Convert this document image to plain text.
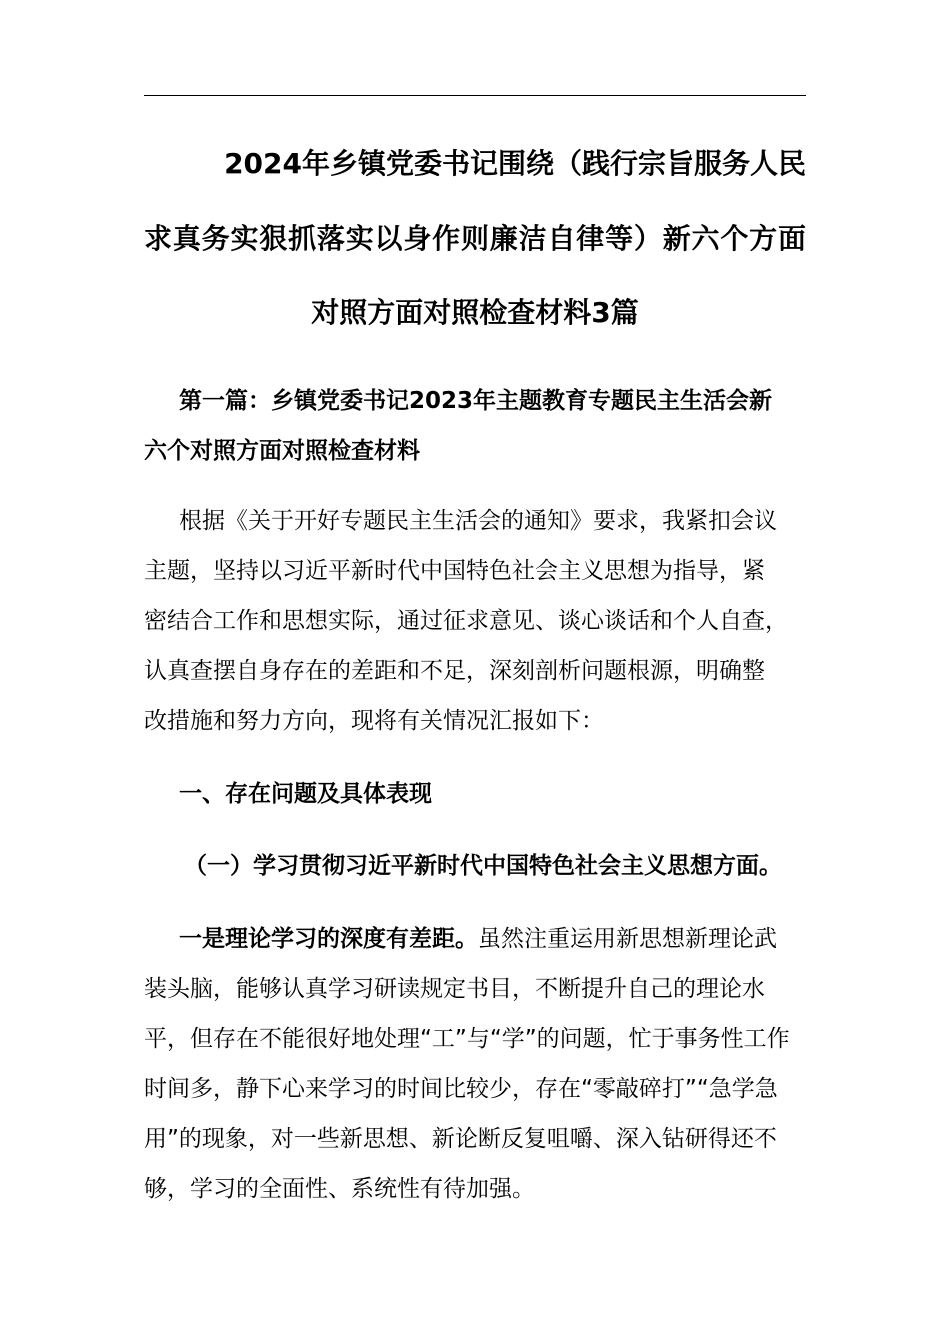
2024年乡镇党委书记围绕（践行宗旨服务人民
求真务实狠抓落实以身作则廉洁自律等）新六个方面
对照方面对照检查材料3篇

第一篇：乡镇党委书记2023年主题教育专题民主生活会新

六个对照方面对照检查材料

根据《关于开好专题民主生活会的通知》要求，我紧扣会议

主题，坚持以习近平新时代中国特色社会主义思想为指导，紧

密结合工作和思想实际，通过征求意见、谈心谈话和个人自查，

认真查摆自身存在的差距和不足，深刻剖析问题根源，明确整

改措施和努力方向，现将有关情况汇报如下：

一、存在问题及具体表现

（一）学习贯彻习近平新时代中国特色社会主义思想方面。

一是理论学习的深度有差距。虽然注重运用新思想新理论武

装头脑，能够认真学习研读规定书目，不断提升自己的理论水

平，但存在不能很好地处理“工”与“学”的问题，忙于事务性工作

时间多，静下心来学习的时间比较少，存在“零敲碎打”“急学急

用”的现象，对一些新思想、新论断反复咀嚼、深入钻研得还不

够，学习的全面性、系统性有待加强。
